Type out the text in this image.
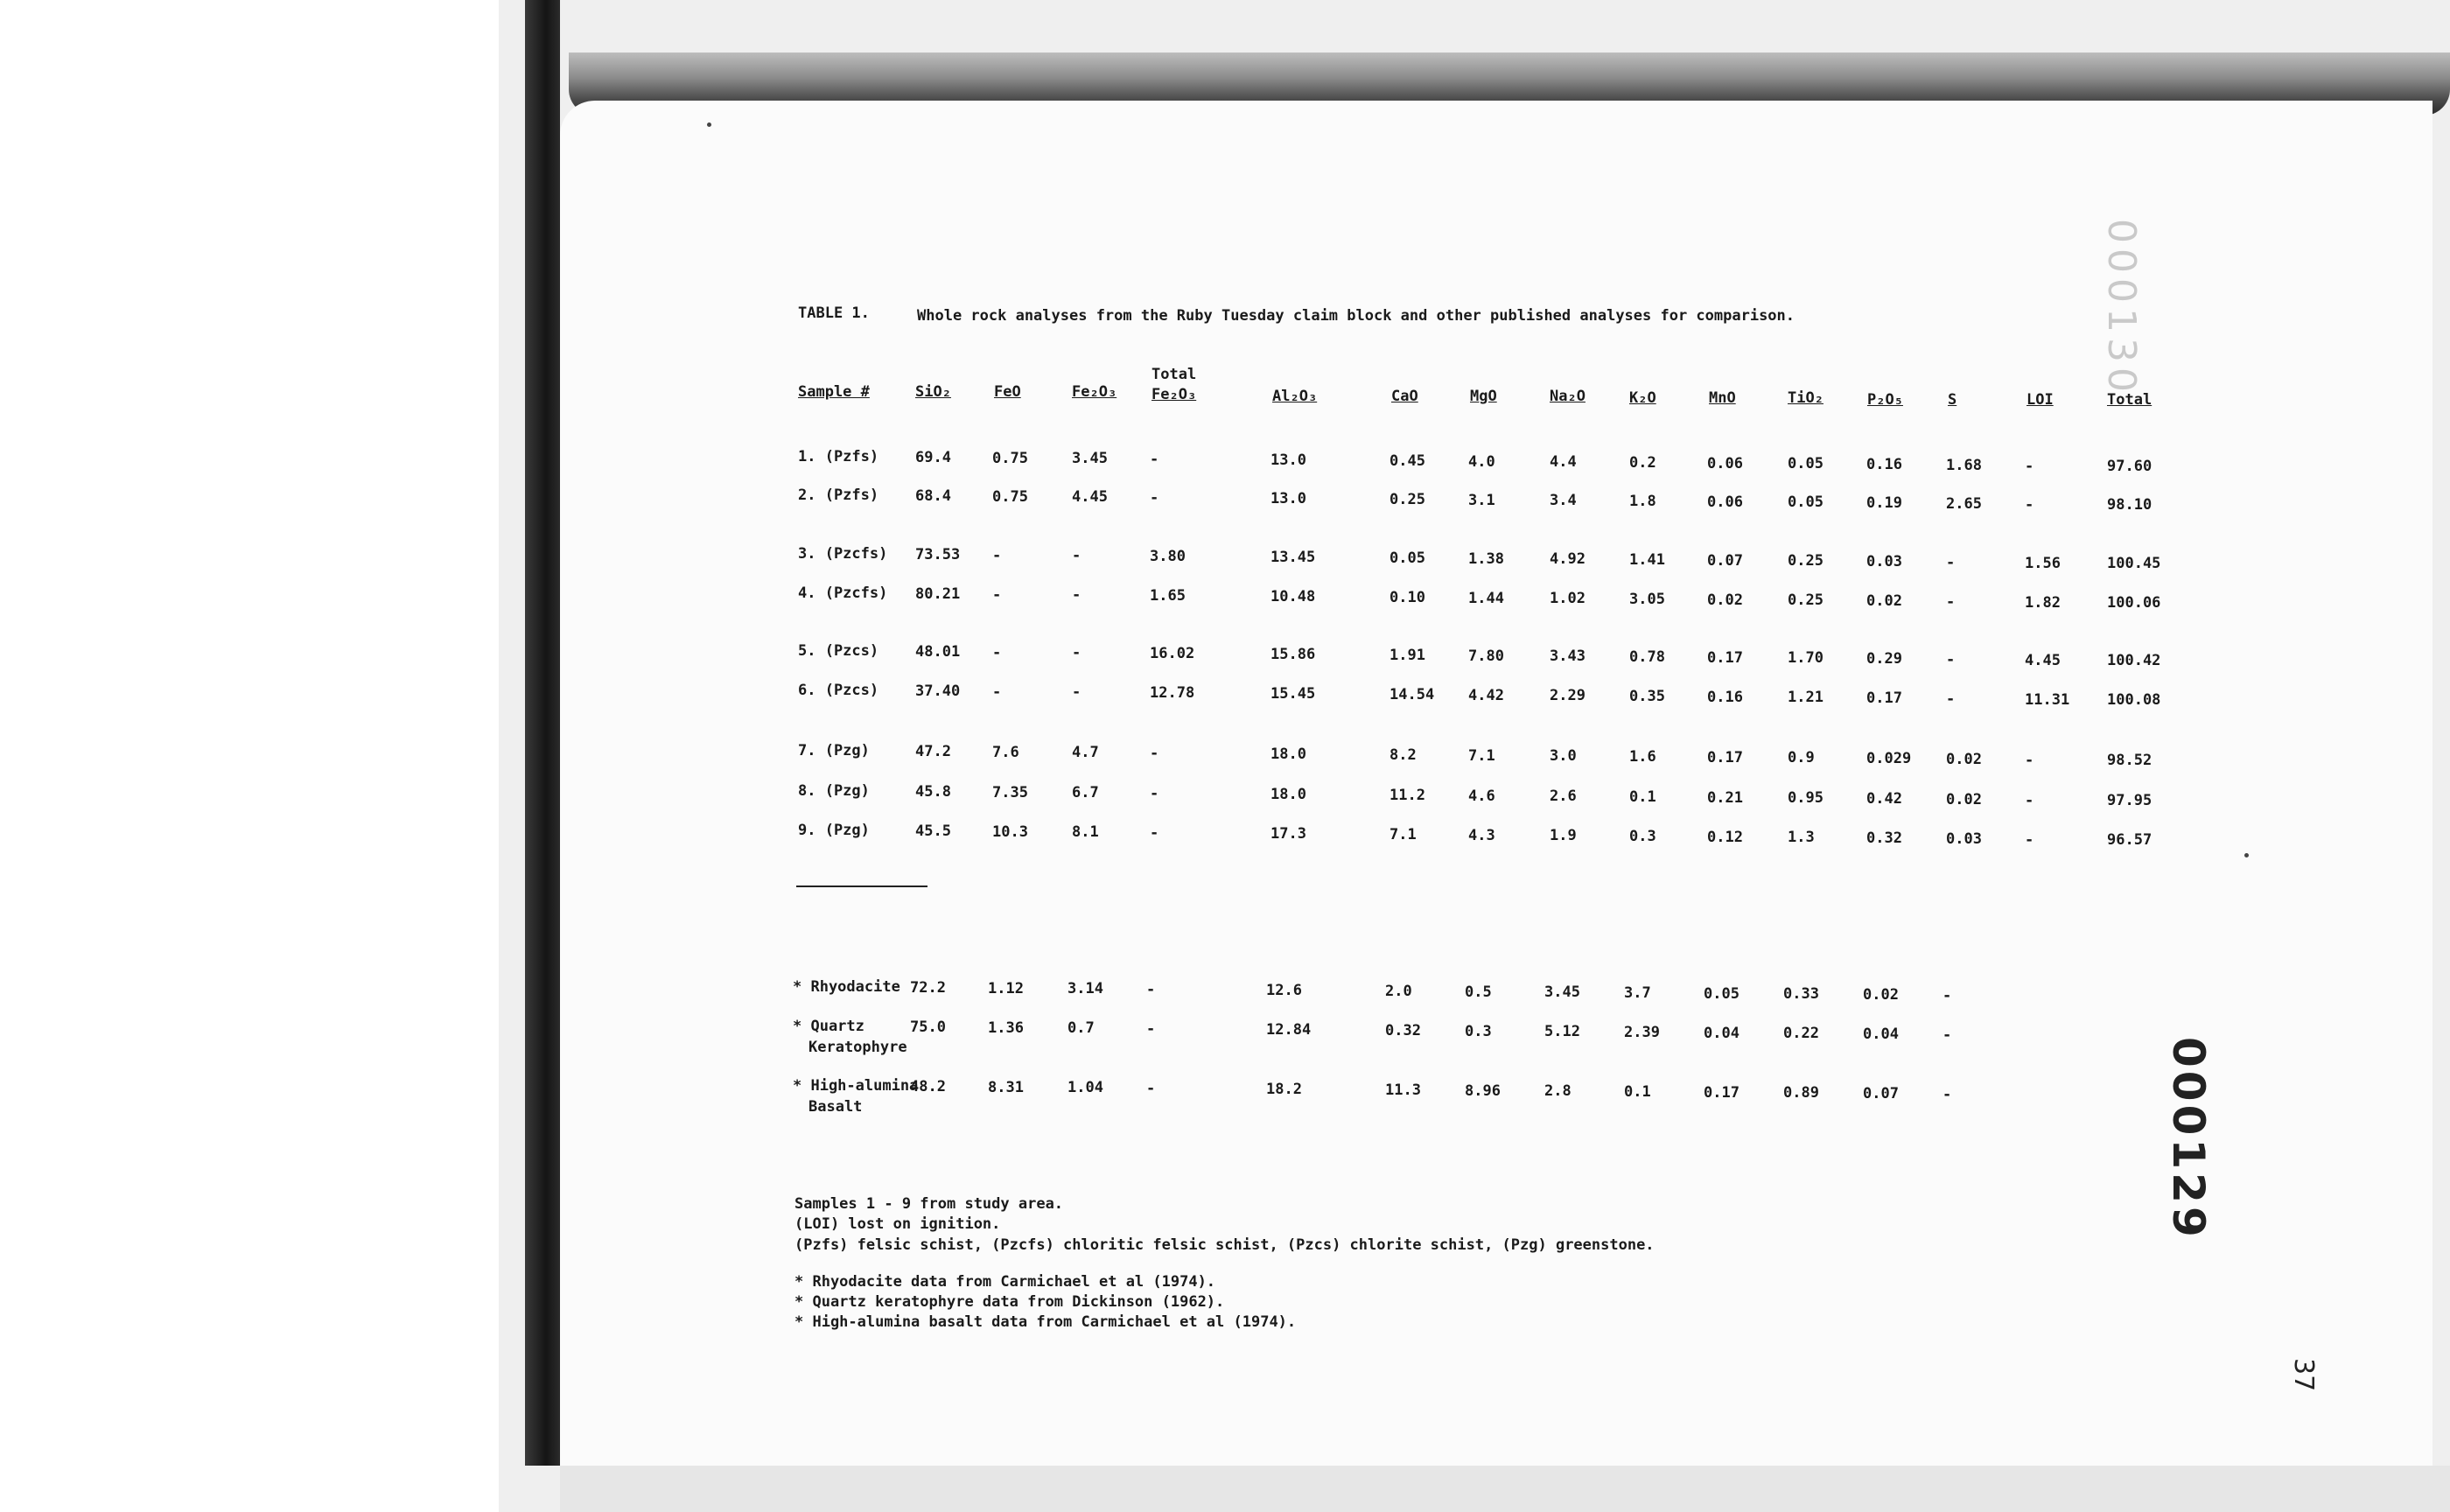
TABLE 1.	Whole rock analyses from the Ruby Tuesday claim block and other published analyses for comparison.
Sample #	SiO₂	FeO	Fe₂O₃
Total
Fe₂O₃	Al₂O₃	CaO	MgO	Na₂O	K₂O	MnO	TiO₂	P₂O₅	S	LOI	Total
1. (Pzfs) 69.4	0.75	3.45	-	13.0	0.45	4.0	4.4	0.2	0.06	0.05	0.16	1.68	-	97.60
2. (Pzfs) 68.4	0.75	4.45	-	13.0	0.25	3.1	3.4	1.8	0.06	0.05	0.19	2.65	-	98.10
3. (Pzcfs) 73.53 -	-	3.80	13.45	0.05	1.38	4.92	1.41	0.07	0.25	0.03	-	1.56	100.45
4. (Pzcfs) 80.21 -	-	1.65	10.48	0.10	1.44	1.02	3.05	0.02	0.25	0.02	-	1.82	100.06
5. (Pzcs) 48.01 -	-	16.02	15.86	1.91	7.80	3.43	0.78	0.17	1.70	0.29	-	4.45	100.42
6. (Pzcs) 37.40 -	-	12.78	15.45	14.54 4.42	2.29	0.35	0.16	1.21	0.17	-	11.31	100.08
7. (Pzg)	47.2	7.6	4.7	-	18.0	8.2	7.1	3.0	1.6	0.17	0.9	0.029 0.02	-	98.52
8. (Pzg)	45.8	7.35	6.7	-	18.0	11.2	4.6	2.6	0.1	0.21	0.95	0.42	0.02	-	97.95
9. (Pzg)	45.5	10.3	8.1	-	17.3	7.1	4.3	1.9	0.3	0.12	1.3	0.32	0.03	-	96.57
* Rhyodacite 72.2	1.12	3.14	-	12.6	2.0	0.5	3.45	3.7	0.05	0.33	0.02	-
* Quartz
Keratophyre
75.0	1.36	0.7	-	12.84	0.32	0.3	5.12	2.39	0.04	0.22	0.04	-
* High-alumina
Basalt
48.2	8.31	1.04	-	18.2	11.3	8.96	2.8	0.1	0.17	0.89	0.07	-
Samples 1 - 9 from study area.
(LOI) lost on ignition.
(Pzfs) felsic schist, (Pzcfs) chloritic felsic schist, (Pzcs) chlorite schist, (Pzg) greenstone.
* Rhyodacite data from Carmichael et al (1974).
* Quartz keratophyre data from Dickinson (1962).
* High-alumina basalt data from Carmichael et al (1974).
000130
000129
37
